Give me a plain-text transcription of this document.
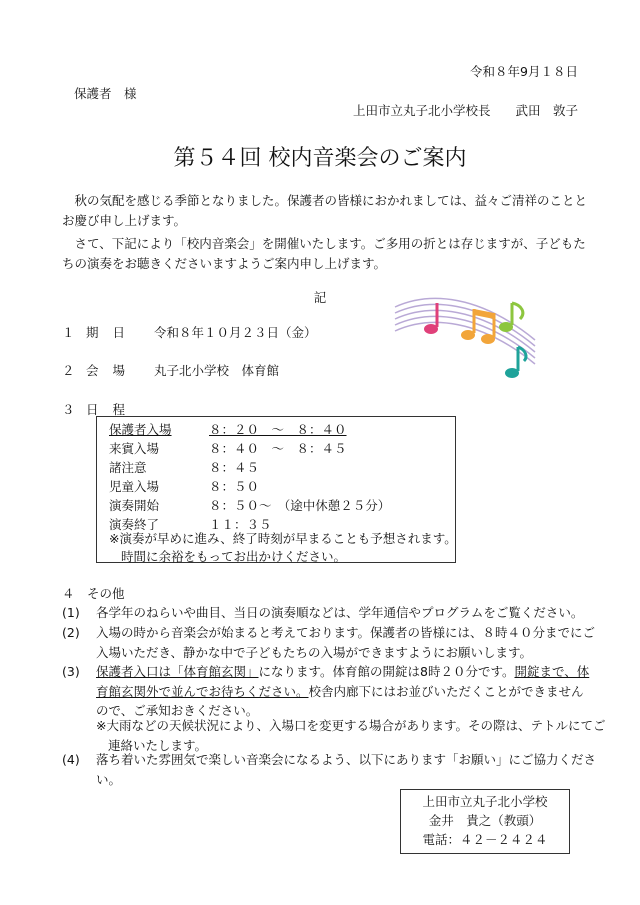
令和８年9月１８日
保護者　様
上田市立丸子北小学校長　　武田　敦子
第５４回 校内音楽会のご案内
秋の気配を感じる季節となりました。保護者の皆様におかれましては、益々ご清祥のこととお慶び申し上げます。
さて、下記により「校内音楽会」を開催いたします。ご多用の折とは存じますが、子どもたちの演奏をお聴きくださいますようご案内申し上げます。
記
１ 期日 令和８年１０月２３日（金）
２ 会場 丸子北小学校　体育館
３ 日程
保護者入場	８：２０　～　８：４０
来賓入場	８：４０　～　８：４５
諸注意	８：４５
児童入場	８：５０
演奏開始	８：５０～　（途中休憩２５分）
演奏終了	１１：３５
※演奏が早めに進み、終了時刻が早まることも予想されます。
時間に余裕をもってお出かけください。
４　その他
(1) 各学年のねらいや曲目、当日の演奏順などは、学年通信やプログラムをご覧ください。
(2) 入場の時から音楽会が始まると考えております。保護者の皆様には、８時４０分までにご入場いただき、静かな中で子どもたちの入場ができますようにお願いします。
(3) 保護者入口は「体育館玄関」になります。体育館の開錠は8時２０分です。開錠まで、体育館玄関外で並んでお待ちください。校舎内廊下にはお並びいただくことができませんので、ご承知おきください。
※大雨などの天候状況により、入場口を変更する場合があります。その際は、テトルにてご連絡いたします。
(4) 落ち着いた雰囲気で楽しい音楽会になるよう、以下にあります「お願い」にご協力ください。
上田市立丸子北小学校
金井　貴之（教頭）
電話：４２－２４２４
